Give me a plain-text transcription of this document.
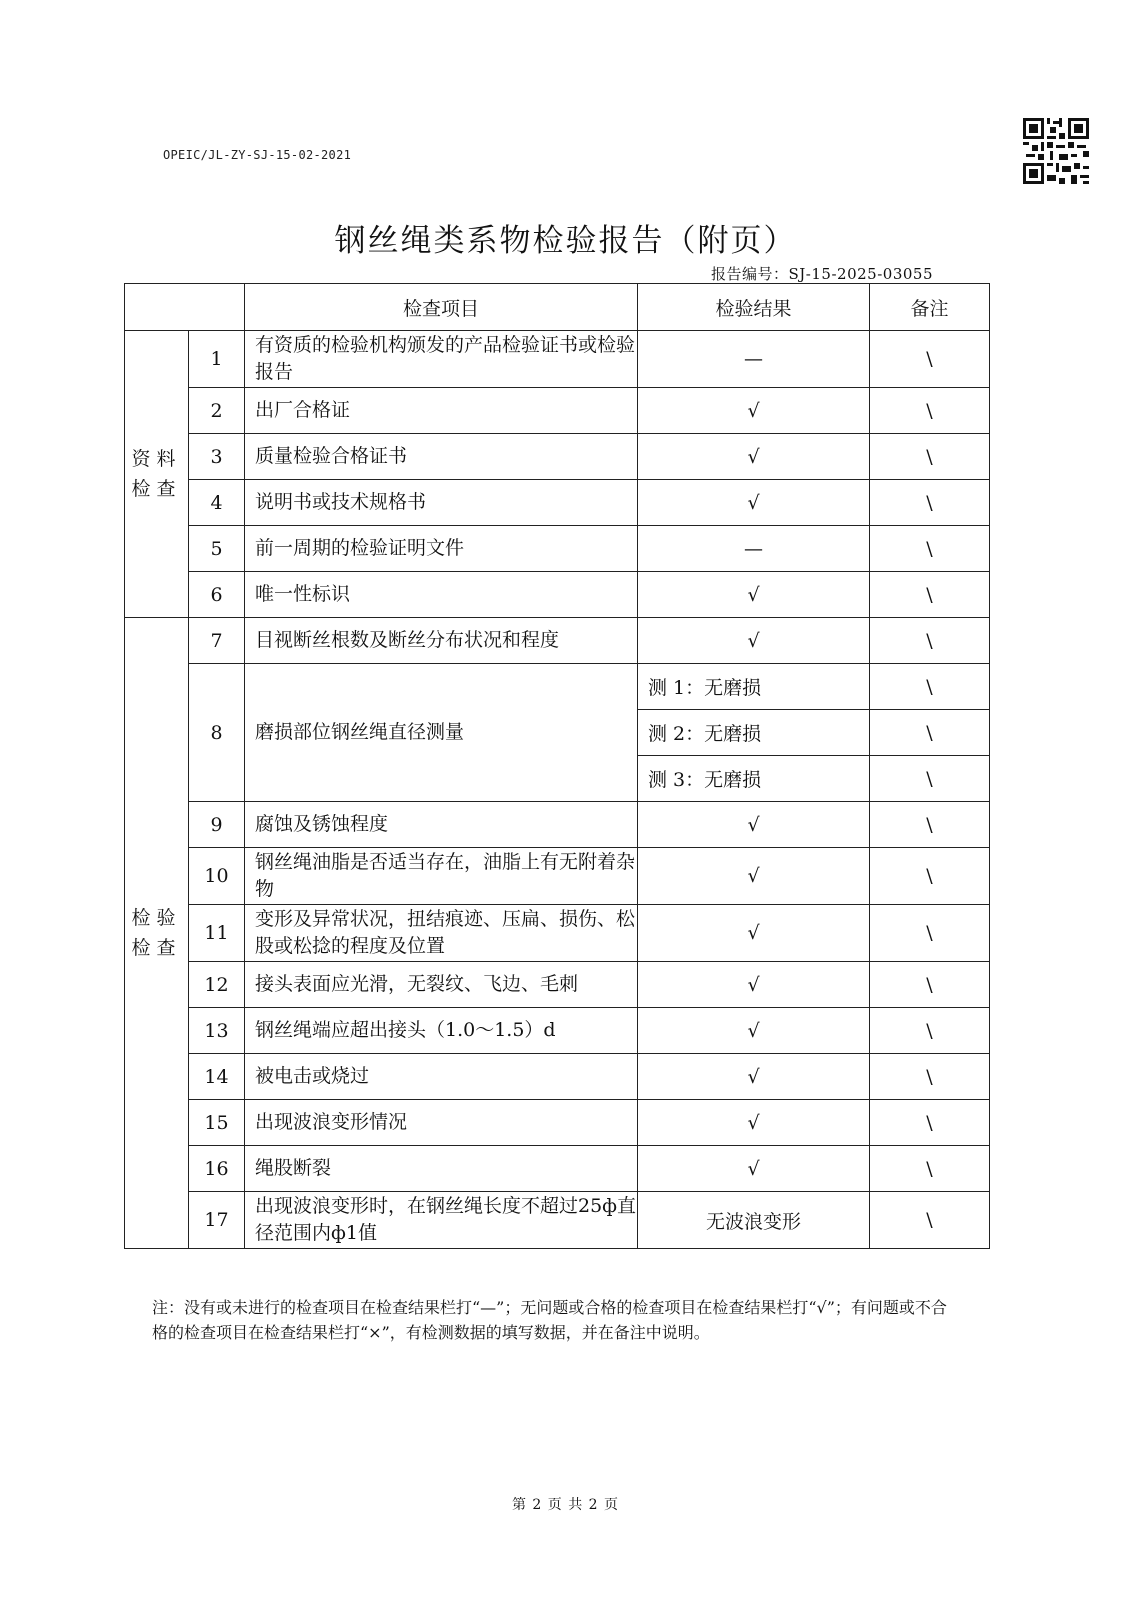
OPEIC/JL-ZY-SJ-15-02-2021
钢丝绳类系物检验报告（附页）
报告编号：SJ-15-2025-03055
		检查项目	检验结果	备注
资料检查	1	有资质的检验机构颁发的产品检验证书或检验报告	—	\
	2	出厂合格证	√	\
	3	质量检验合格证书	√	\
	4	说明书或技术规格书	√	\
	5	前一周期的检验证明文件	—	\
	6	唯一性标识	√	\
检验检查	7	目视断丝根数及断丝分布状况和程度	√	\
	8	磨损部位钢丝绳直径测量	测 1：无磨损	\
			测 2：无磨损	\
			测 3：无磨损	\
	9	腐蚀及锈蚀程度	√	\
	10	钢丝绳油脂是否适当存在，油脂上有无附着杂物	√	\
	11	变形及异常状况，扭结痕迹、压扁、损伤、松股或松捻的程度及位置	√	\
	12	接头表面应光滑，无裂纹、飞边、毛刺	√	\
	13	钢丝绳端应超出接头（1.0～1.5）d	√	\
	14	被电击或烧过	√	\
	15	出现波浪变形情况	√	\
	16	绳股断裂	√	\
	17	出现波浪变形时，在钢丝绳长度不超过25ф直径范围内ф1值	无波浪变形	\
注：没有或未进行的检查项目在检查结果栏打“—”；无问题或合格的检查项目在检查结果栏打“√”；有问题或不合格的检查项目在检查结果栏打“×”，有检测数据的填写数据，并在备注中说明。
第 2 页 共 2 页
